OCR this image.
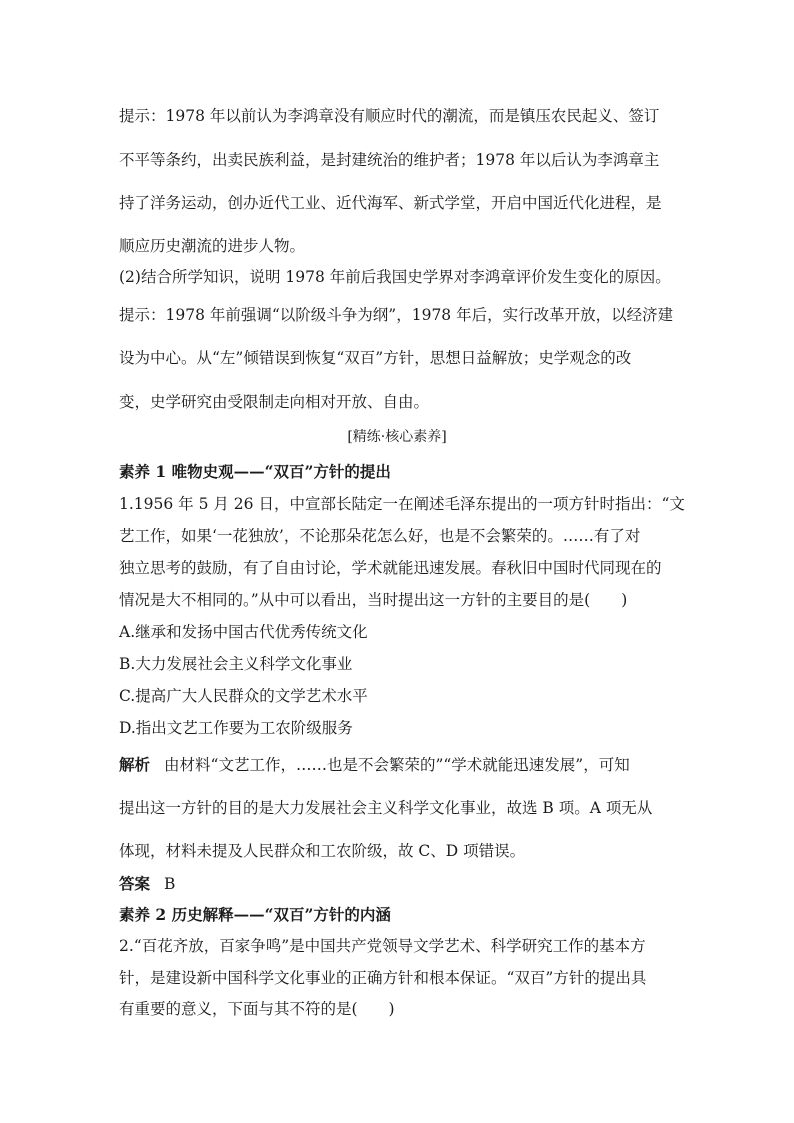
提示：1978 年以前认为李鸿章没有顺应时代的潮流，而是镇压农民起义、签订
不平等条约，出卖民族利益，是封建统治的维护者；1978 年以后认为李鸿章主
持了洋务运动，创办近代工业、近代海军、新式学堂，开启中国近代化进程，是
顺应历史潮流的进步人物。
(2)结合所学知识，说明 1978 年前后我国史学界对李鸿章评价发生变化的原因。
提示：1978 年前强调“以阶级斗争为纲”，1978 年后，实行改革开放，以经济建
设为中心。从“左”倾错误到恢复“双百”方针，思想日益解放；史学观念的改
变，史学研究由受限制走向相对开放、自由。
[精练·核心素养]
素养 1 唯物史观——“双百”方针的提出
1.1956 年 5 月 26 日，中宣部长陆定一在阐述毛泽东提出的一项方针时指出：“文
艺工作，如果‘一花独放’，不论那朵花怎么好，也是不会繁荣的。……有了对
独立思考的鼓励，有了自由讨论，学术就能迅速发展。春秋旧中国时代同现在的
情况是大不相同的。”从中可以看出，当时提出这一方针的主要目的是(　　)
A.继承和发扬中国古代优秀传统文化
B.大力发展社会主义科学文化事业
C.提高广大人民群众的文学艺术水平
D.指出文艺工作要为工农阶级服务
解析 由材料“文艺工作，……也是不会繁荣的”“学术就能迅速发展”，可知
提出这一方针的目的是大力发展社会主义科学文化事业，故选 B 项。A 项无从
体现，材料未提及人民群众和工农阶级，故 C、D 项错误。
答案 B
素养 2 历史解释——“双百”方针的内涵
2.“百花齐放，百家争鸣”是中国共产党领导文学艺术、科学研究工作的基本方
针，是建设新中国科学文化事业的正确方针和根本保证。“双百”方针的提出具
有重要的意义，下面与其不符的是(　　)
